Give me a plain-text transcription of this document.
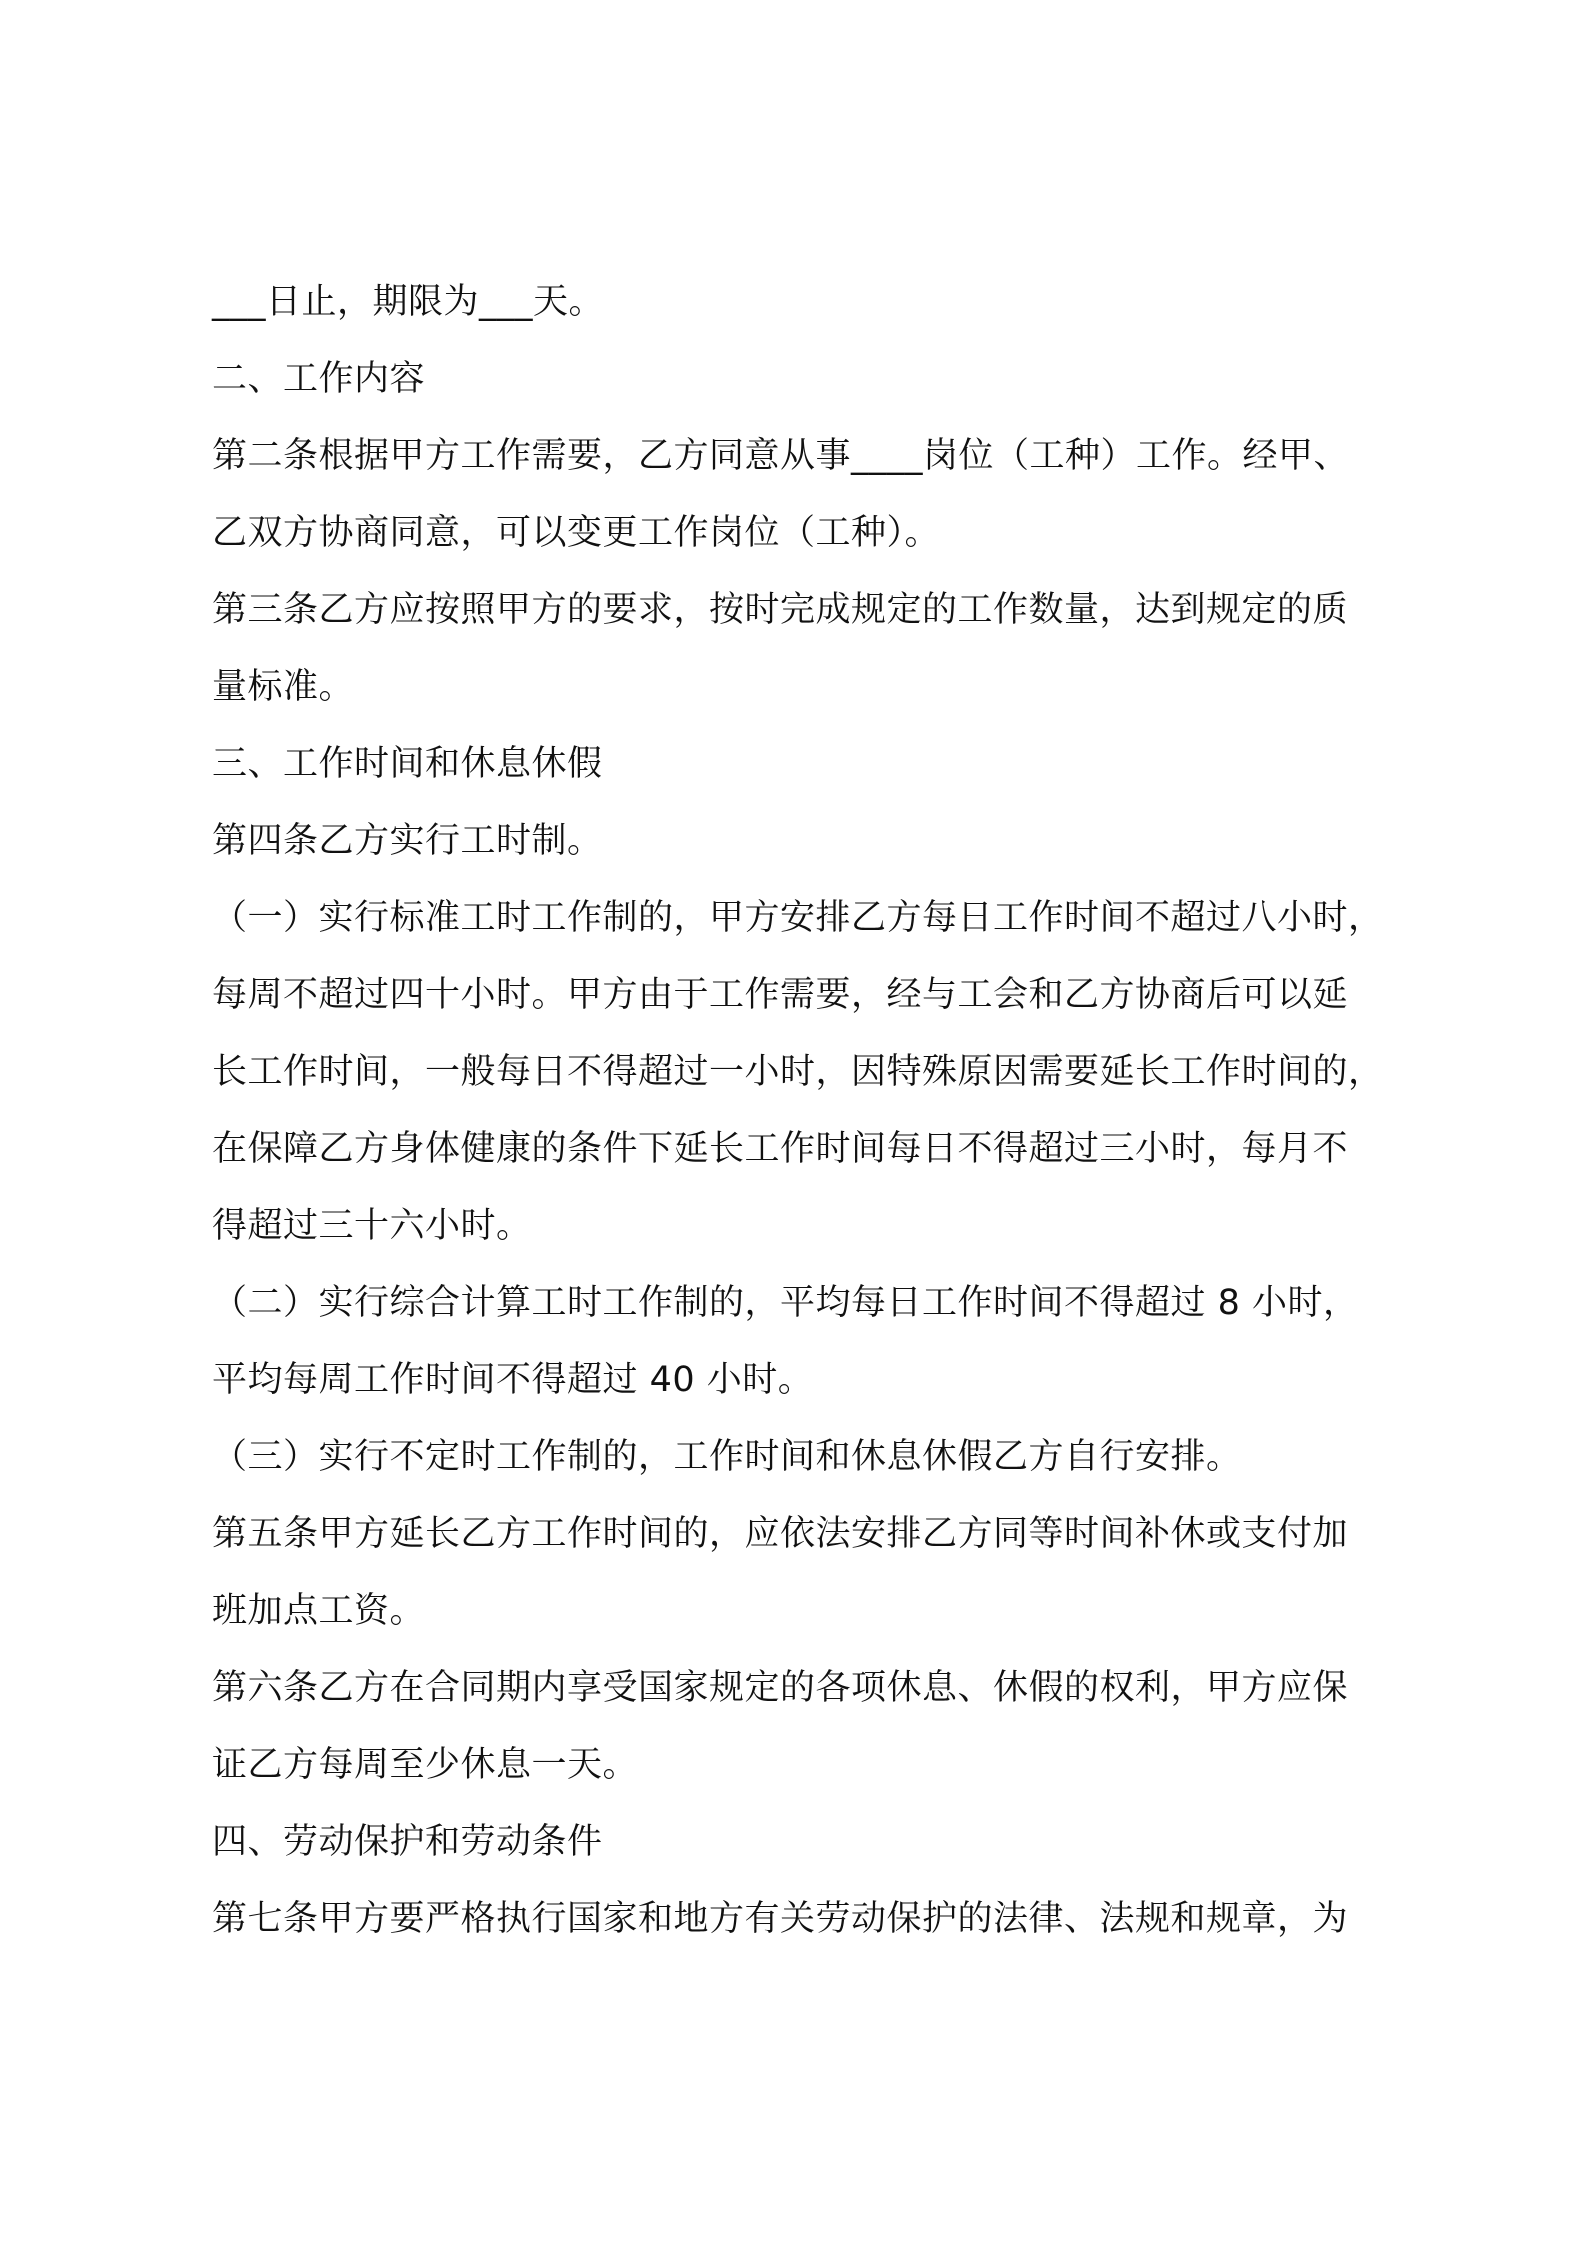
___日止，期限为___天。

二、工作内容

第二条根据甲方工作需要，乙方同意从事____岗位（工种）工作。经甲、

乙双方协商同意，可以变更工作岗位（工种）。

第三条乙方应按照甲方的要求，按时完成规定的工作数量，达到规定的质

量标准。

三、工作时间和休息休假

第四条乙方实行工时制。

（一）实行标准工时工作制的，甲方安排乙方每日工作时间不超过八小时，

每周不超过四十小时。甲方由于工作需要，经与工会和乙方协商后可以延

长工作时间，一般每日不得超过一小时，因特殊原因需要延长工作时间的，

在保障乙方身体健康的条件下延长工作时间每日不得超过三小时，每月不

得超过三十六小时。

（二）实行综合计算工时工作制的，平均每日工作时间不得超过 8 小时，

平均每周工作时间不得超过 40 小时。

（三）实行不定时工作制的，工作时间和休息休假乙方自行安排。

第五条甲方延长乙方工作时间的，应依法安排乙方同等时间补休或支付加

班加点工资。

第六条乙方在合同期内享受国家规定的各项休息、休假的权利，甲方应保

证乙方每周至少休息一天。

四、劳动保护和劳动条件

第七条甲方要严格执行国家和地方有关劳动保护的法律、法规和规章，为
